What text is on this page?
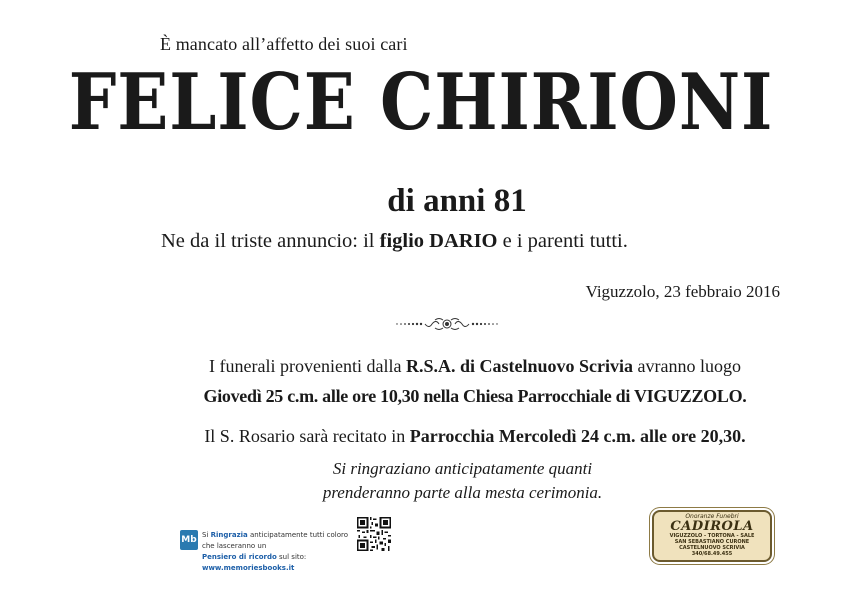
È mancato all’affetto dei suoi cari
FELICE CHIRIONI
di anni 81
Ne da il triste annuncio: il figlio DARIO e i parenti tutti.
Viguzzolo, 23 febbraio 2016
I funerali provenienti dalla R.S.A. di Castelnuovo Scrivia avranno luogo
Giovedì 25 c.m. alle ore 10,30 nella Chiesa Parrocchiale di VIGUZZOLO.
Il S. Rosario sarà recitato in Parrocchia Mercoledì 24 c.m. alle ore 20,30.
Si ringraziano anticipatamente quanti
prenderanno parte alla mesta cerimonia.
Mb Si Ringrazia anticipatamente tutti coloro che lasceranno un
Pensiero di ricordo sul sito: www.memoriesbooks.it
Onoranze Funebri
CADIROLA
VIGUZZOLO - TORTONA - SALE
SAN SEBASTIANO CURONE
CASTELNUOVO SCRIVIA
340/68.49.455
